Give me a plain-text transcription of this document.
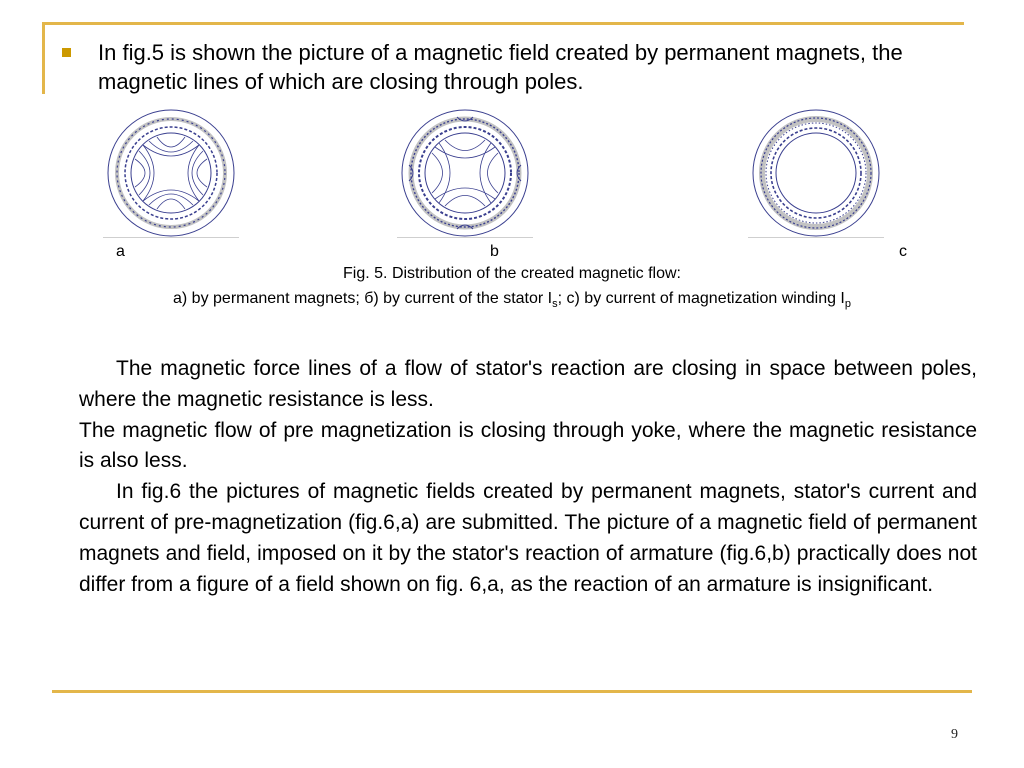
In fig.5 is shown the picture of a magnetic field created by permanent magnets, the magnetic lines of which are closing through poles.
a	b	c
Fig. 5. Distribution of the created magnetic flow:
a) by permanent magnets; б) by current of the stator $I_s$; c) by current of magnetization winding $I_p$

The magnetic force lines of a flow of stator's reaction are closing in space between poles, where the magnetic resistance is less.

The magnetic flow of pre magnetization is closing through yoke, where the magnetic resistance is also less.

In fig.6 the pictures of magnetic fields created by permanent magnets, stator's current and current of pre-magnetization (fig.6,a) are submitted. The picture of a magnetic field of permanent magnets and field, imposed on it by the stator's reaction of armature (fig.6,b) practically does not differ from a figure of a field shown on fig. 6,a, as the reaction of an armature is insignificant.

9
